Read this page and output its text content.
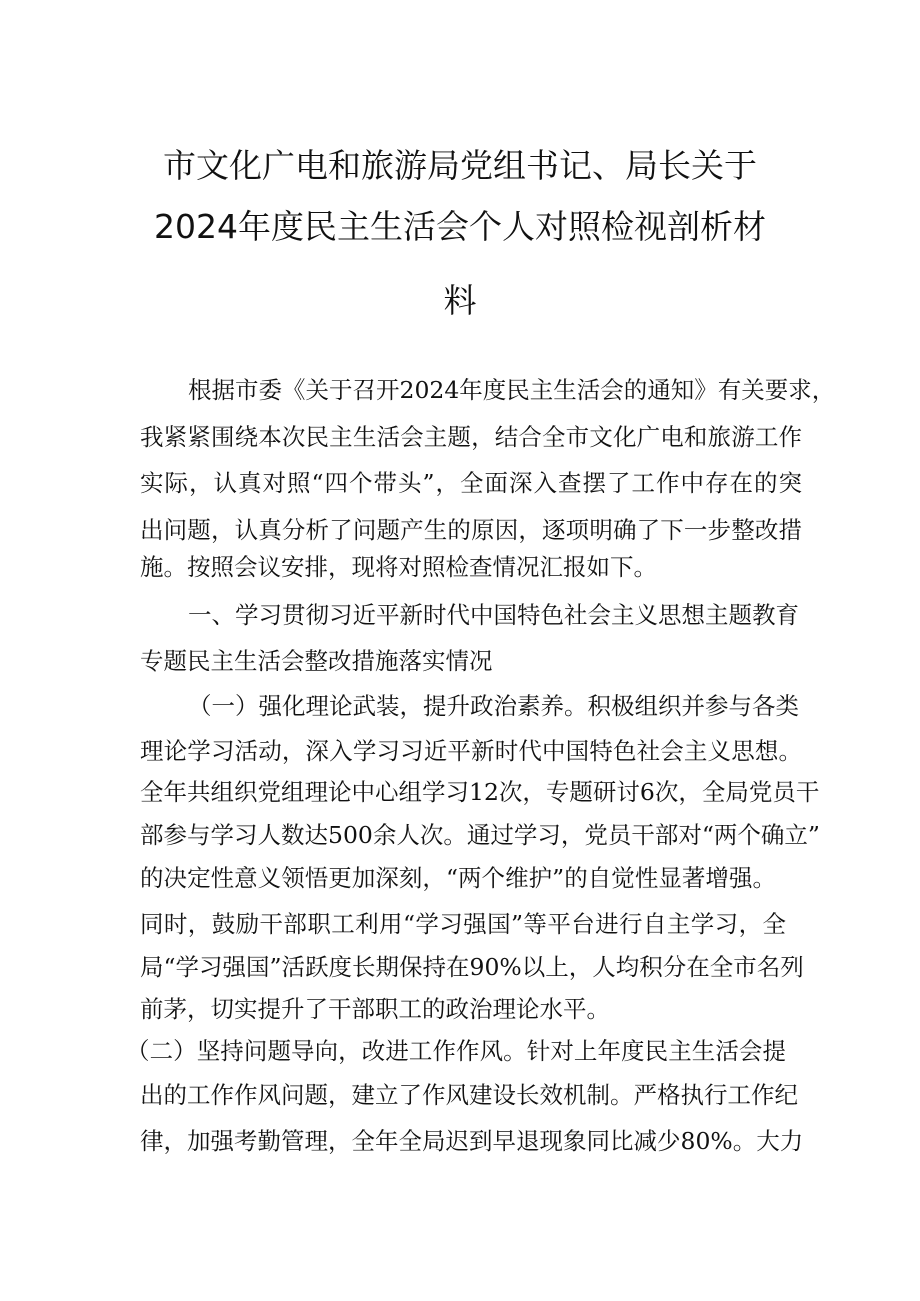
市文化广电和旅游局党组书记、局长关于
2024年度民主生活会个人对照检视剖析材
料
根据市委《关于召开2024年度民主生活会的通知》有关要求，
我紧紧围绕本次民主生活会主题，结合全市文化广电和旅游工作
实际，认真对照“四个带头”，全面深入查摆了工作中存在的突
出问题，认真分析了问题产生的原因，逐项明确了下一步整改措
施。按照会议安排，现将对照检查情况汇报如下。
一、学习贯彻习近平新时代中国特色社会主义思想主题教育
专题民主生活会整改措施落实情况
（一）强化理论武装，提升政治素养。积极组织并参与各类
理论学习活动，深入学习习近平新时代中国特色社会主义思想。
全年共组织党组理论中心组学习12次，专题研讨6次，全局党员干
部参与学习人数达500余人次。通过学习，党员干部对“两个确立”
的决定性意义领悟更加深刻，“两个维护”的自觉性显著增强。
同时，鼓励干部职工利用“学习强国”等平台进行自主学习，全
局“学习强国”活跃度长期保持在90%以上，人均积分在全市名列
前茅，切实提升了干部职工的政治理论水平。
（二）坚持问题导向，改进工作作风。针对上年度民主生活会提
出的工作作风问题，建立了作风建设长效机制。严格执行工作纪
律，加强考勤管理，全年全局迟到早退现象同比减少80%。大力
